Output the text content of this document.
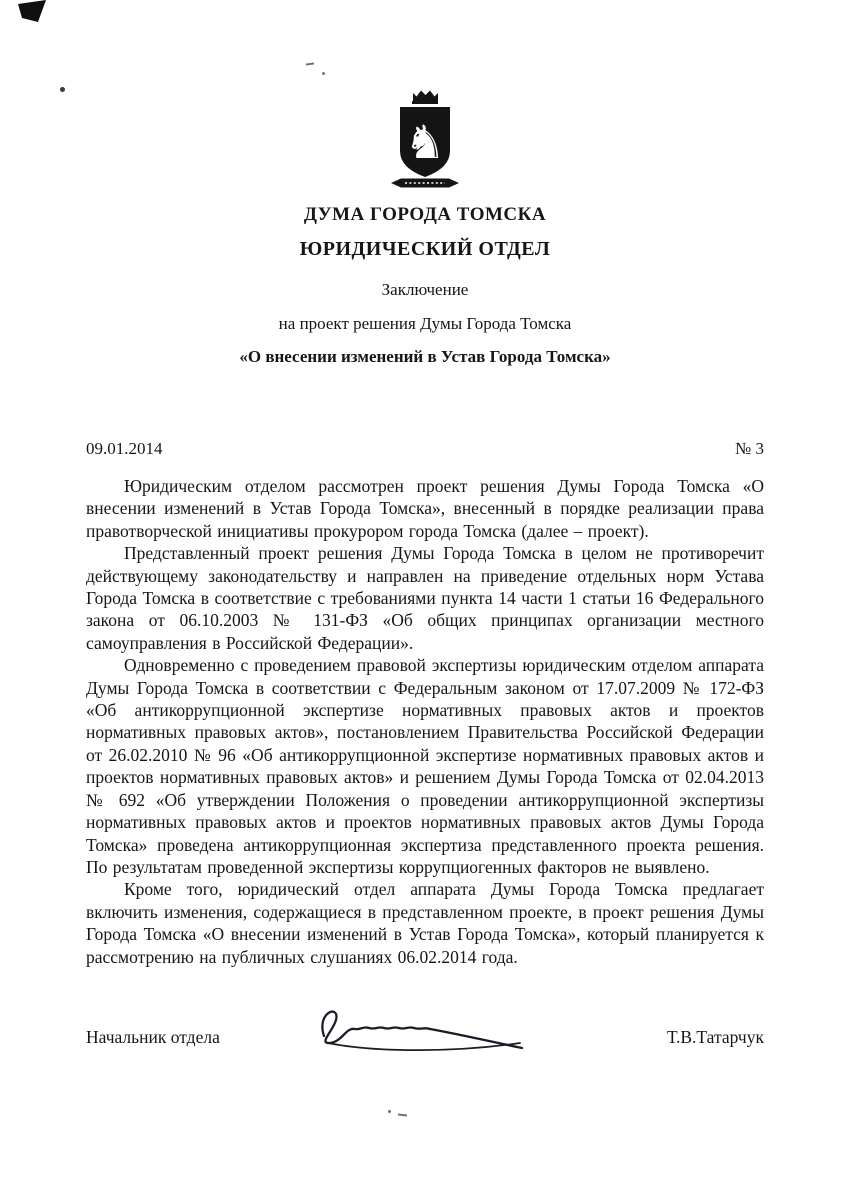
♞
ДУМА ГОРОДА ТОМСКА
ЮРИДИЧЕСКИЙ ОТДЕЛ
Заключение
на проект решения Думы Города Томска
«О внесении изменений в Устав Города Томска»
09.01.2014	№ 3

Юридическим отделом рассмотрен проект решения Думы Города Томска «О внесении изменений в Устав Города Томска», внесенный в порядке реализации права правотворческой инициативы прокурором города Томска (далее – проект).

Представленный проект решения Думы Города Томска в целом не противоречит действующему законодательству и направлен на приведение отдельных норм Устава Города Томска в соответствие с требованиями пункта 14 части 1 статьи 16 Федерального закона от 06.10.2003 № 131-ФЗ «Об общих принципах организации местного самоуправления в Российской Федерации».

Одновременно с проведением правовой экспертизы юридическим отделом аппарата Думы Города Томска в соответствии с Федеральным законом от 17.07.2009 № 172-ФЗ «Об антикоррупционной экспертизе нормативных правовых актов и проектов нормативных правовых актов», постановлением Правительства Российской Федерации от 26.02.2010 № 96 «Об антикоррупционной экспертизе нормативных правовых актов и проектов нормативных правовых актов» и решением Думы Города Томска от 02.04.2013 № 692 «Об утверждении Положения о проведении антикоррупционной экспертизы нормативных правовых актов и проектов нормативных правовых актов Думы Города Томска» проведена антикоррупционная экспертиза представленного проекта решения. По результатам проведенной экспертизы коррупциогенных факторов не выявлено.

Кроме того, юридический отдел аппарата Думы Города Томска предлагает включить изменения, содержащиеся в представленном проекте, в проект решения Думы Города Томска «О внесении изменений в Устав Города Томска», который планируется к рассмотрению на публичных слушаниях 06.02.2014 года.

Начальник отдела	Т.В.Татарчук
